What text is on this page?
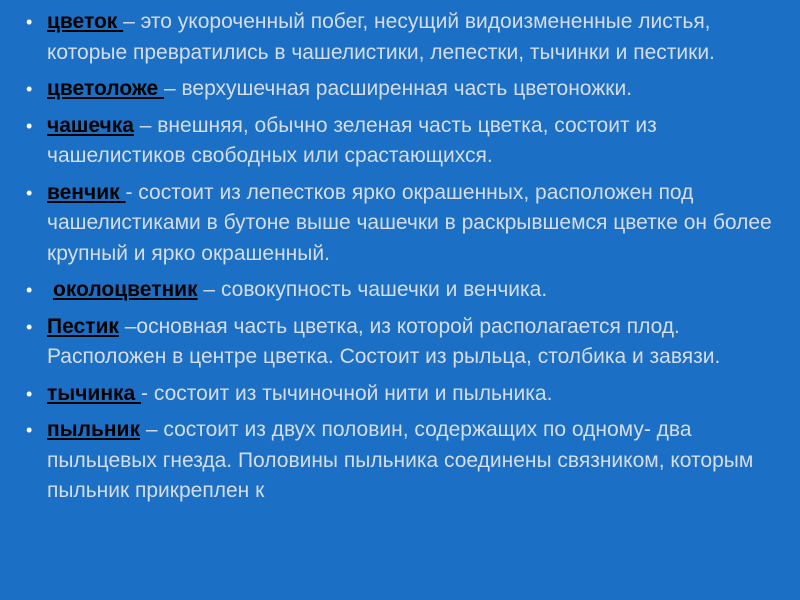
• цветок – это укороченный побег, несущий видоизмененные листья, которые превратились в чашелистики, лепестки, тычинки и пестики.
• цветоложе – верхушечная расширенная часть цветоножки.
• чашечка – внешняя, обычно зеленая часть цветка, состоит из чашелистиков свободных или срастающихся.
• венчик - состоит из лепестков ярко окрашенных, расположен под чашелистиками в бутоне выше чашечки в раскрывшемся цветке он более крупный и ярко окрашенный.
• околоцветник – совокупность чашечки и венчика.
• Пестик –основная часть цветка, из которой располагается плод. Расположен в центре цветка. Состоит из рыльца, столбика и завязи.
• тычинка - состоит из тычиночной нити и пыльника.
• пыльник – состоит из двух половин, содержащих по одному- два пыльцевых гнезда. Половины пыльника соединены связником, которым пыльник прикреплен к
